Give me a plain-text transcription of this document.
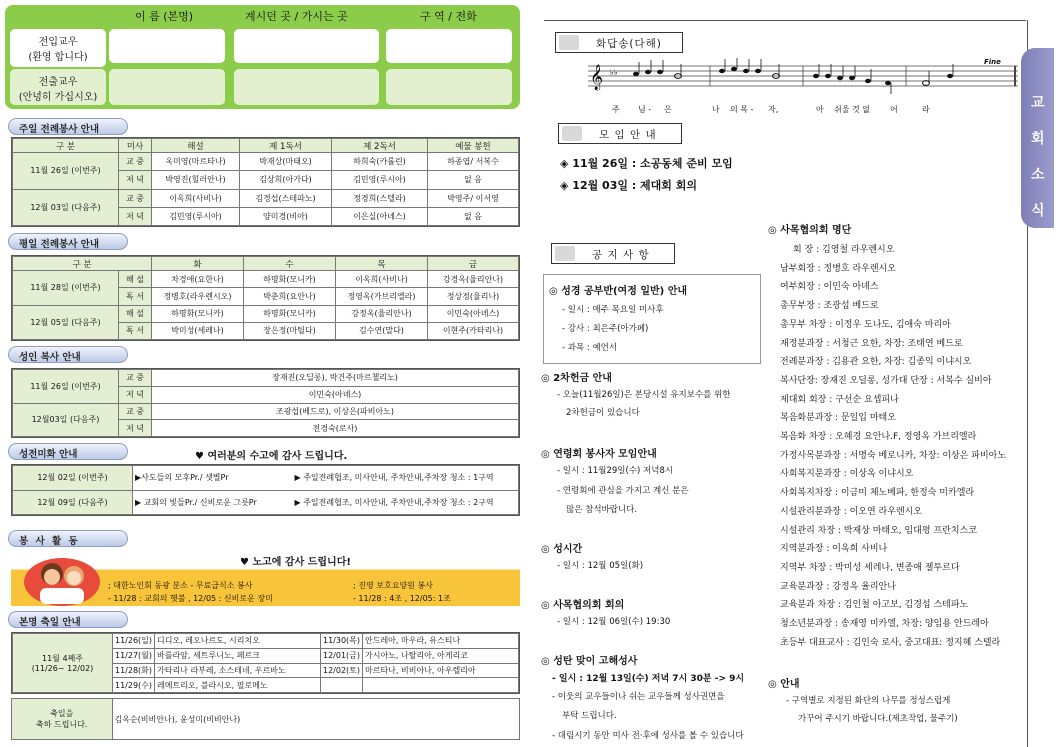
이 름 (본명)	계시던 곳 / 가시는 곳	구 역 / 전화
전입교우
(환영 합니다)
전출교우
(안녕히 가십시오)
주일 전례봉사 안내
구 분	미사	해설	제 1독서	제 2독서	예물 봉헌
11월 26일 (이번주)	교 중	옥미영(마르타나)	박재상(마태오)	하희숙(카롤린)	하종엽/ 서복수
	저 녁	박영진(힐러안나)	김상희(아가다)	김민영(루시아)	없 음
12월 03일 (다음주)	교 중	이옥희(사비나)	김경섭(스테파노)	정경희(스텔라)	박영주/ 이서영
	저 녁	김민영(루시아)	양미경(비아)	이은실(아녜스)	없 음
평일 전례봉사 안내
구 분		화	수	목	금
11월 28일 (이번주)	해 설	차경애(요한나)	하명화(모니카)	이옥희(사비나)	강경옥(율리안나)
	독 서	정병호(라우렌시오)	박춘희(요안나)	정영옥(가브리엘라)	정상정(율리나)
12월 05일 (다음주)	해 설	하명화(모니카)	하명화(모니카)	강정옥(율리안나)	이민숙(아녜스)
	독 서	박미성(세레나)	장은정(마틸다)	김수연(말다)	이현주(카타리나)
성인 복사 안내
11월 26일 (이번주)	교 중	장재진(오딜롱), 박건주(마르첼리노)
	저 녁	이민숙(아녜스)
12월03일 (다음주)	교 중	조광섭(베드로), 이상은(파비아노)
	저 녁	전경숙(로사)
성전미화 안내	♥ 여러분의 수고에 감사 드립니다.
12월 02일 (이번주)	▶사도들의 모후Pr./ 샛별Pr	▶ 주일전례협조, 미사안내, 주차안내,주차장 청소 : 1구역
12월 09일 (다음주)	▶ 교회의 빛들Pr./ 신비로운 그릇Pr	▶ 주일전례협조, 미사안내, 주차안내,주차장 청소 : 2구역
봉 사 활 동
♥ 노고에 감사 드립니다!
; 대한노인회 동광 분소 - 무료급식소 봉사
- 11/28 : 교회의 햇불 , 12/05 : 신비로운 장미
; 진영 보호요양원 봉사
- 11/28 : 4조 , 12/05: 1조
본명 축일 안내
11월 4째주
(11/26~ 12/02)	11/26(일)	디디오, 레오나르도, 시리치오	11/30(목)	안드레아, 마우라, 유스티나
	11/27(월)	바를라암, 세트루니노, 페르크	12/01(금)	가시아노, 나탈리아, 아게리코
	11/28(화)	가타리나 라부레, 소스테네, 우르바노	12/02(토)	마르타나, 비비아나, 아우렐리아
	11/29(수)	레메트리오, 블라시오, 필로메노		
축일을
축하 드립니다.
	김옥순(비비안나), 윤성미(비비안나)
교
회
소
식
화답송(다해)
𝄞 ♭♭
Fine
주 님 - 은	나 의 목 - 자,	아 쉬울 것 없	어	라
모 임 안 내
◈ 11월 26일 : 소공동체 준비 모임
◈ 12월 03일 : 제대회 회의
공 지 사 항
◎ 성경 공부반(여정 일반) 안내
- 일시 : 매주 목요일 미사후
- 강사 : 최은주(아가페)
- 과목 : 예언서
◎ 2차헌금 안내
- 오늘(11월26일)은 본당시설 유지보수를 위한
2차헌금이 있습니다
◎ 연령회 봉사자 모임안내
- 일시 : 11월29일(수) 저녁8시
- 연령회에 관심을 가지고 계신 분은
많은 참석바랍니다.
◎ 성시간
- 일시 : 12월 05일(화)
◎ 사목협의회 회의
- 일시 : 12월 06일(수) 19:30
◎ 성탄 맞이 고해성사
- 일시 : 12월 13일(수) 저녁 7시 30분 -> 9시
- 이웃의 교우들이나 쉬는 교우들께 성사권면을
부탁 드립니다.
- 대림시기 동안 미사 전·후에 성사를 볼 수 있습니다
◎ 사목협의회 명단
회 장 : 김영철 라우렌시오
남부회장 : 정병호 라우렌시오
여부회장 : 이민숙 아녜스
총무부장 : 조광섭 베드로
총무부 차장 : 이정우 도나도, 김애숙 마리아
재정분과장 : 서청근 요한, 차장: 조태연 베드로
전례분과장 : 김용관 요한, 차장: 김종익 이냐시오
복사단장: 장재진 오딜롱, 성가대 단장 : 서복수 실비아
제대회 회장 : 구선순 요셉피나
복음화분과장 : 문일입 마태오
복음화 차장 : 오혜경 요안나.F, 정영옥 가브리엘라
가정사목분과장 : 서명숙 베로니카, 차장: 이상은 파비아노
사회복지분과장 : 이상옥 이냐시오
사회복지차장 : 이금미 체노베파, 한정숙 미카엘라
시설관리분과장 : 이오연 라우렌시오
시설관리 차장 : 박재상 마태오, 임대평 프란치스코
지역분과장 : 이옥희 사비나
지역부 차장 : 박미성 세레나, 변종애 젤투르다
교육분과장 : 강정옥 율리안나
교육분과 차장 : 김인철 아고보, 김경섭 스테파노
청소년분과장 : 송재영 미카엘, 차장: 양임용 안드레아
초등부 대표교사 : 김인숙 로사, 중고대표: 정지혜 스텔라
◎ 안내
- 구역별로 지정된 화단의 나무를 정성스럽게
가꾸어 주시기 바랍니다.(제초작업, 물주기)
